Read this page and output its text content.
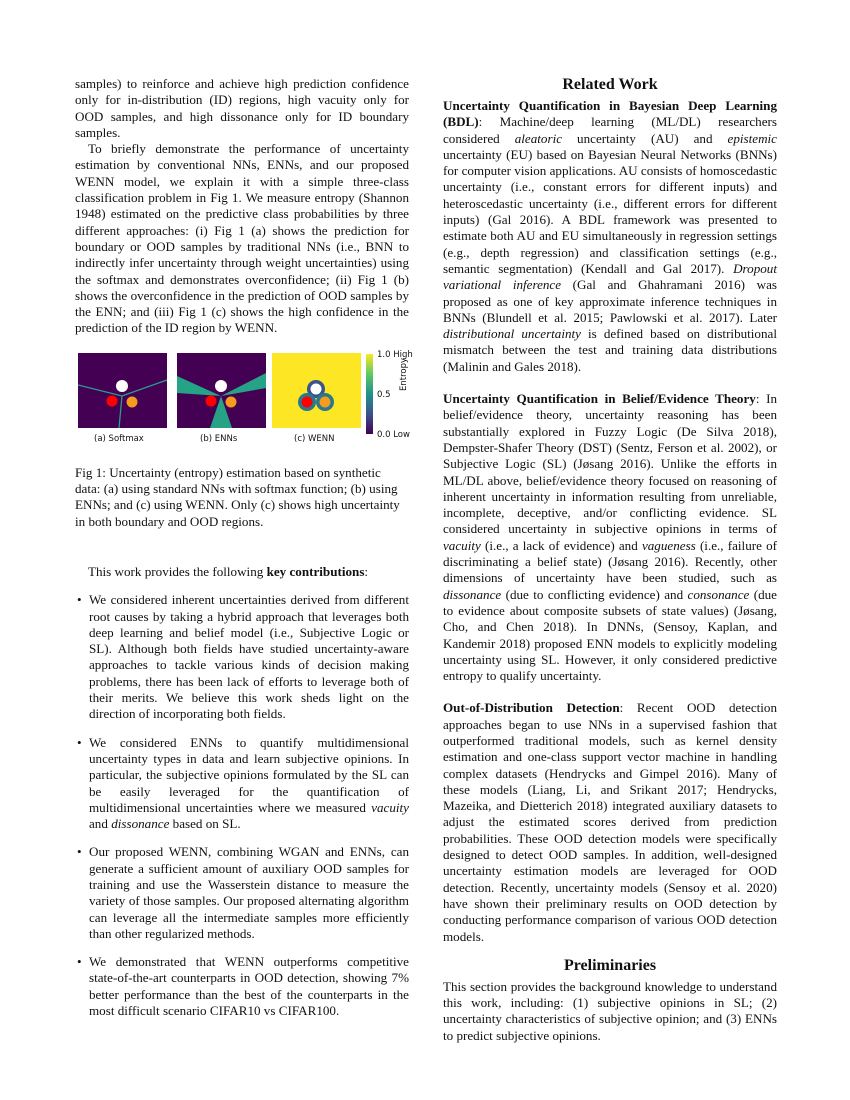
samples) to reinforce and achieve high prediction confidence only for in-distribution (ID) regions, high vacuity only for OOD samples, and high dissonance only for ID boundary samples.

To briefly demonstrate the performance of uncertainty estimation by conventional NNs, ENNs, and our proposed WENN model, we explain it with a simple three-class classification problem in Fig 1. We measure entropy (Shannon 1948) estimated on the predictive class probabilities by three different approaches: (i) Fig 1 (a) shows the prediction for boundary or OOD samples by traditional NNs (i.e., BNN to indirectly infer uncertainty through weight uncertainties) using the softmax and demonstrates overconfidence; (ii) Fig 1 (b) shows the overconfidence in the prediction of OOD samples by the ENN; and (iii) Fig 1 (c) shows the high confidence in the prediction of the ID region by WENN.

1.0 High
0.5
0.0 Low
Entropy
(a) Softmax	(b) ENNs	(c) WENN

Fig 1: Uncertainty (entropy) estimation based on synthetic data: (a) using standard NNs with softmax function; (b) using ENNs; and (c) using WENN. Only (c) shows high uncertainty in both boundary and OOD regions.

This work provides the following key contributions:

• We considered inherent uncertainties derived from different root causes by taking a hybrid approach that leverages both deep learning and belief model (i.e., Subjective Logic or SL). Although both fields have studied uncertainty-aware approaches to tackle various kinds of decision making problems, there has been lack of efforts to leverage both of their merits. We believe this work sheds light on the direction of incorporating both fields.
• We considered ENNs to quantify multidimensional uncertainty types in data and learn subjective opinions. In particular, the subjective opinions formulated by the SL can be easily leveraged for the quantification of multidimensional uncertainties where we measured vacuity and dissonance based on SL.
• Our proposed WENN, combining WGAN and ENNs, can generate a sufficient amount of auxiliary OOD samples for training and use the Wasserstein distance to measure the variety of those samples. Our proposed alternating algorithm can leverage all the intermediate samples more efficiently than other regularized methods.
• We demonstrated that WENN outperforms competitive state-of-the-art counterparts in OOD detection, showing 7% better performance than the best of the counterparts in the most difficult scenario CIFAR10 vs CIFAR100.
Related Work

Uncertainty Quantification in Bayesian Deep Learning (BDL): Machine/deep learning (ML/DL) researchers considered aleatoric uncertainty (AU) and epistemic uncertainty (EU) based on Bayesian Neural Networks (BNNs) for computer vision applications. AU consists of homoscedastic uncertainty (i.e., constant errors for different inputs) and heteroscedastic uncertainty (i.e., different errors for different inputs) (Gal 2016). A BDL framework was presented to estimate both AU and EU simultaneously in regression settings (e.g., depth regression) and classification settings (e.g., semantic segmentation) (Kendall and Gal 2017). Dropout variational inference (Gal and Ghahramani 2016) was proposed as one of key approximate inference techniques in BNNs (Blundell et al. 2015; Pawlowski et al. 2017). Later distributional uncertainty is defined based on distributional mismatch between the test and training data distributions (Malinin and Gales 2018).

Uncertainty Quantification in Belief/Evidence Theory: In belief/evidence theory, uncertainty reasoning has been substantially explored in Fuzzy Logic (De Silva 2018), Dempster-Shafer Theory (DST) (Sentz, Ferson et al. 2002), or Subjective Logic (SL) (Jøsang 2016). Unlike the efforts in ML/DL above, belief/evidence theory focused on reasoning of inherent uncertainty in information resulting from unreliable, incomplete, deceptive, and/or conflicting evidence. SL considered uncertainty in subjective opinions in terms of vacuity (i.e., a lack of evidence) and vagueness (i.e., failure of discriminating a belief state) (Jøsang 2016). Recently, other dimensions of uncertainty have been studied, such as dissonance (due to conflicting evidence) and consonance (due to evidence about composite subsets of state values) (Jøsang, Cho, and Chen 2018). In DNNs, (Sensoy, Kaplan, and Kandemir 2018) proposed ENN models to explicitly modeling uncertainty using SL. However, it only considered predictive entropy to qualify uncertainty.

Out-of-Distribution Detection: Recent OOD detection approaches began to use NNs in a supervised fashion that outperformed traditional models, such as kernel density estimation and one-class support vector machine in handling complex datasets (Hendrycks and Gimpel 2016). Many of these models (Liang, Li, and Srikant 2017; Hendrycks, Mazeika, and Dietterich 2018) integrated auxiliary datasets to adjust the estimated scores derived from prediction probabilities. These OOD detection models were specifically designed to detect OOD samples. In addition, well-designed uncertainty estimation models are leveraged for OOD detection. Recently, uncertainty models (Sensoy et al. 2020) have shown their preliminary results on OOD detection by conducting performance comparison of various OOD detection models.

Preliminaries

This section provides the background knowledge to understand this work, including: (1) subjective opinions in SL; (2) uncertainty characteristics of subjective opinion; and (3) ENNs to predict subjective opinions.
